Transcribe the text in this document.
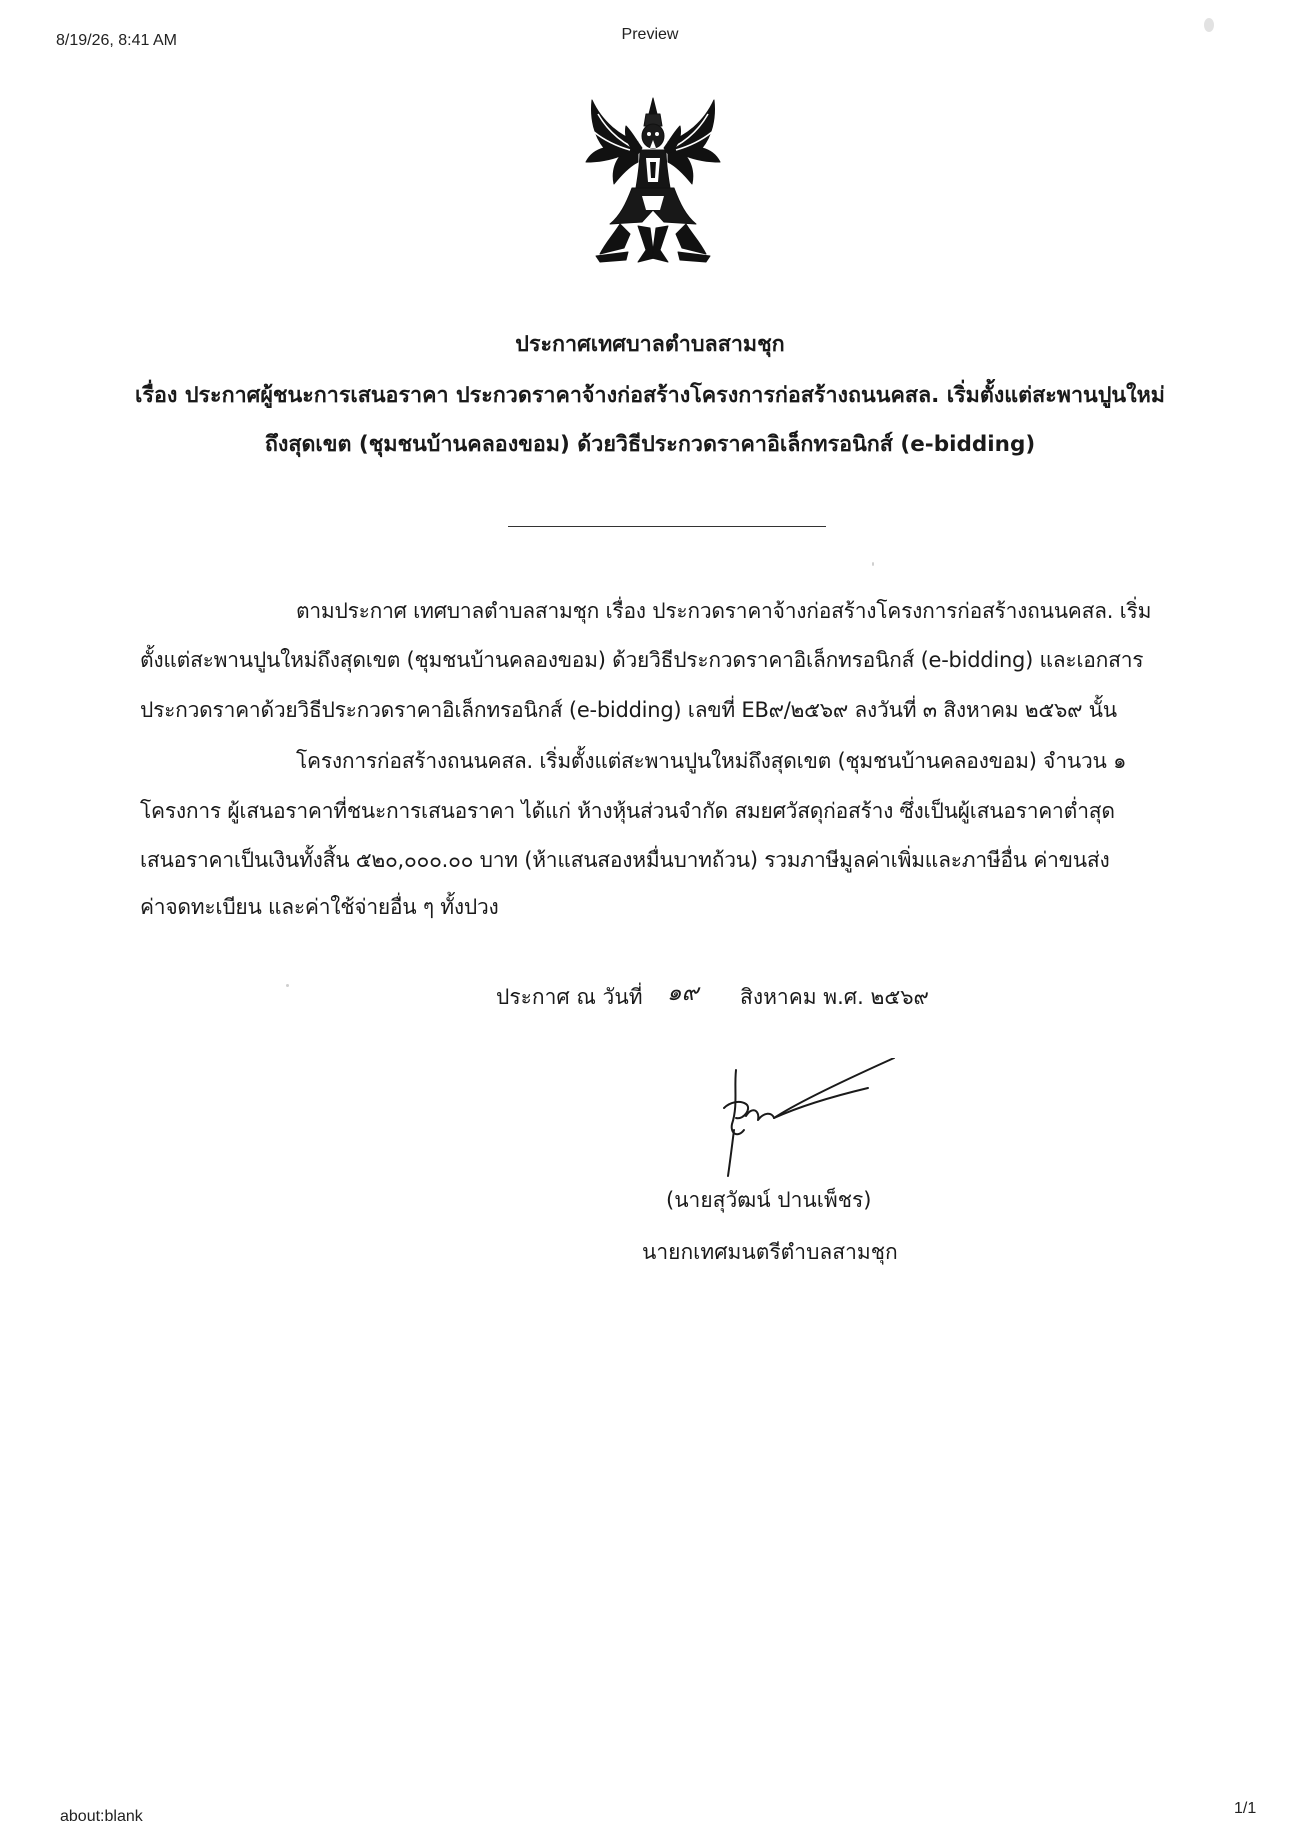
8/19/26, 8:41 AM	Preview
about:blank	1/1
ประกาศเทศบาลตำบลสามชุก
เรื่อง ประกาศผู้ชนะการเสนอราคา ประกวดราคาจ้างก่อสร้างโครงการก่อสร้างถนนคสล. เริ่มตั้งแต่สะพานปูนใหม่
ถึงสุดเขต (ชุมชนบ้านคลองขอม) ด้วยวิธีประกวดราคาอิเล็กทรอนิกส์ (e-bidding)
ตามประกาศ เทศบาลตำบลสามชุก เรื่อง ประกวดราคาจ้างก่อสร้างโครงการก่อสร้างถนนคสล. เริ่ม
ตั้งแต่สะพานปูนใหม่ถึงสุดเขต (ชุมชนบ้านคลองขอม) ด้วยวิธีประกวดราคาอิเล็กทรอนิกส์ (e-bidding) และเอกสาร
ประกวดราคาด้วยวิธีประกวดราคาอิเล็กทรอนิกส์ (e-bidding) เลขที่ EB๙/๒๕๖๙ ลงวันที่ ๓ สิงหาคม ๒๕๖๙ นั้น
โครงการก่อสร้างถนนคสล. เริ่มตั้งแต่สะพานปูนใหม่ถึงสุดเขต (ชุมชนบ้านคลองขอม) จำนวน ๑
โครงการ ผู้เสนอราคาที่ชนะการเสนอราคา ได้แก่ ห้างหุ้นส่วนจำกัด สมยศวัสดุก่อสร้าง ซึ่งเป็นผู้เสนอราคาต่ำสุด
เสนอราคาเป็นเงินทั้งสิ้น ๕๒๐,๐๐๐.๐๐ บาท (ห้าแสนสองหมื่นบาทถ้วน) รวมภาษีมูลค่าเพิ่มและภาษีอื่น ค่าขนส่ง
ค่าจดทะเบียน และค่าใช้จ่ายอื่น ๆ ทั้งปวง
ประกาศ ณ วันที่ ๑๙ สิงหาคม พ.ศ. ๒๕๖๙
(นายสุวัฒน์ ปานเพ็ชร)
นายกเทศมนตรีตำบลสามชุก
